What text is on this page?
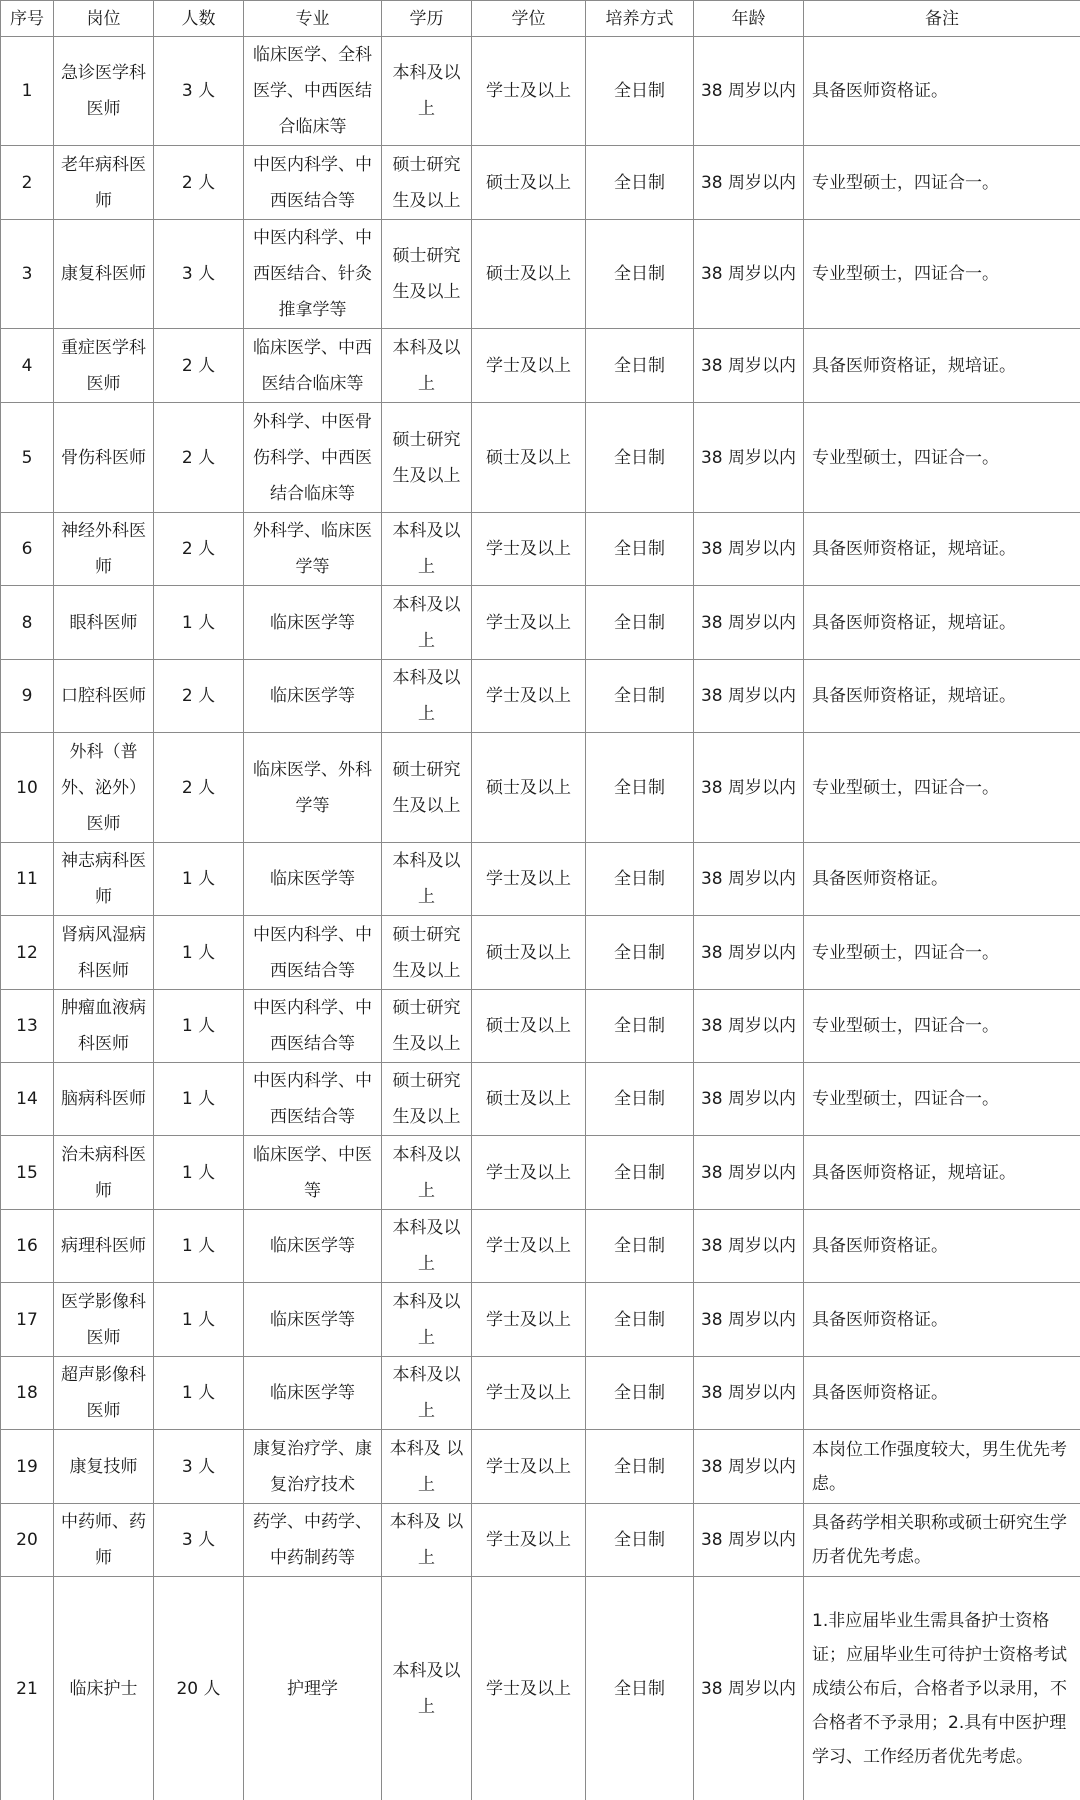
序号	岗位	人数	专业	学历	学位	培养方式	年龄	备注
1	急诊医学科医师	3 人	临床医学、全科医学、中西医结合临床等	本科及以上	学士及以上	全日制	38 周岁以内	具备医师资格证。
2	老年病科医师	2 人	中医内科学、中西医结合等	硕士研究生及以上	硕士及以上	全日制	38 周岁以内	专业型硕士，四证合一。
3	康复科医师	3 人	中医内科学、中西医结合、针灸推拿学等	硕士研究生及以上	硕士及以上	全日制	38 周岁以内	专业型硕士，四证合一。
4	重症医学科医师	2 人	临床医学、中西医结合临床等	本科及以上	学士及以上	全日制	38 周岁以内	具备医师资格证，规培证。
5	骨伤科医师	2 人	外科学、中医骨伤科学、中西医结合临床等	硕士研究生及以上	硕士及以上	全日制	38 周岁以内	专业型硕士，四证合一。
6	神经外科医师	2 人	外科学、临床医学等	本科及以上	学士及以上	全日制	38 周岁以内	具备医师资格证，规培证。
8	眼科医师	1 人	临床医学等	本科及以上	学士及以上	全日制	38 周岁以内	具备医师资格证，规培证。
9	口腔科医师	2 人	临床医学等	本科及以上	学士及以上	全日制	38 周岁以内	具备医师资格证，规培证。
10	外科（普外、泌外）医师	2 人	临床医学、外科学等	硕士研究生及以上	硕士及以上	全日制	38 周岁以内	专业型硕士，四证合一。
11	神志病科医师	1 人	临床医学等	本科及以上	学士及以上	全日制	38 周岁以内	具备医师资格证。
12	肾病风湿病科医师	1 人	中医内科学、中西医结合等	硕士研究生及以上	硕士及以上	全日制	38 周岁以内	专业型硕士，四证合一。
13	肿瘤血液病科医师	1 人	中医内科学、中西医结合等	硕士研究生及以上	硕士及以上	全日制	38 周岁以内	专业型硕士，四证合一。
14	脑病科医师	1 人	中医内科学、中西医结合等	硕士研究生及以上	硕士及以上	全日制	38 周岁以内	专业型硕士，四证合一。
15	治未病科医师	1 人	临床医学、中医等	本科及以上	学士及以上	全日制	38 周岁以内	具备医师资格证，规培证。
16	病理科医师	1 人	临床医学等	本科及以上	学士及以上	全日制	38 周岁以内	具备医师资格证。
17	医学影像科医师	1 人	临床医学等	本科及以上	学士及以上	全日制	38 周岁以内	具备医师资格证。
18	超声影像科医师	1 人	临床医学等	本科及以上	学士及以上	全日制	38 周岁以内	具备医师资格证。
19	康复技师	3 人	康复治疗学、康复治疗技术	本科及 以上	学士及以上	全日制	38 周岁以内	本岗位工作强度较大，男生优先考虑。
20	中药师、药师	3 人	药学、中药学、中药制药等	本科及 以上	学士及以上	全日制	38 周岁以内	具备药学相关职称或硕士研究生学历者优先考虑。
21	临床护士	20 人	护理学	本科及以上	学士及以上	全日制	38 周岁以内	1.非应届毕业生需具备护士资格证；应届毕业生可待护士资格考试成绩公布后，合格者予以录用，不合格者不予录用；2.具有中医护理学习、工作经历者优先考虑。
